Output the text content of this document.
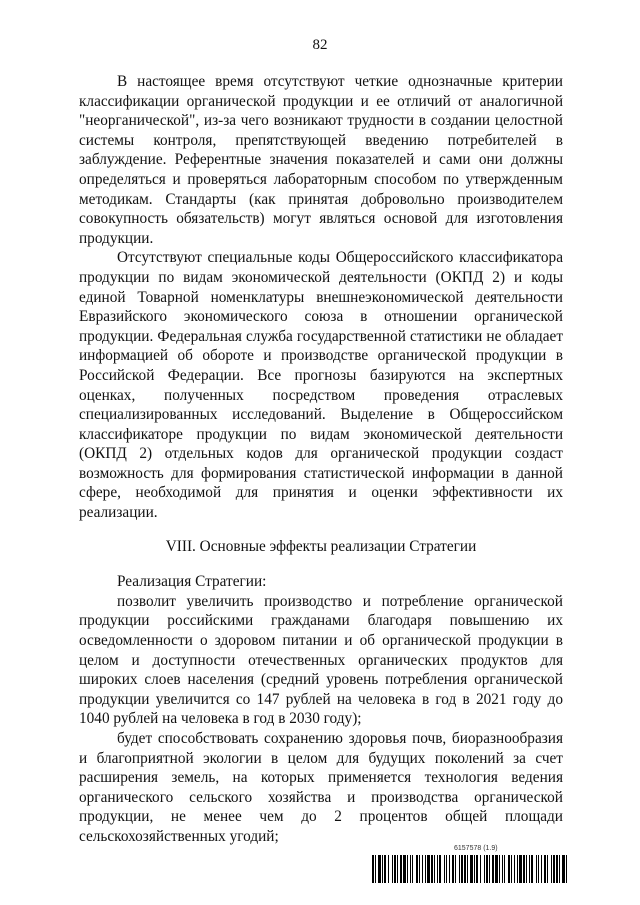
82

В настоящее время отсутствуют четкие однозначные критерии классификации органической продукции и ее отличий от аналогичной "неорганической", из-за чего возникают трудности в создании целостной системы контроля, препятствующей введению потребителей в заблуждение. Референтные значения показателей и сами они должны определяться и проверяться лабораторным способом по утвержденным методикам. Стандарты (как принятая добровольно производителем совокупность обязательств) могут являться основой для изготовления продукции.

Отсутствуют специальные коды Общероссийского классификатора продукции по видам экономической деятельности (ОКПД 2) и коды единой Товарной номенклатуры внешнеэкономической деятельности Евразийского экономического союза в отношении органической продукции. Федеральная служба государственной статистики не обладает информацией об обороте и производстве органической продукции в Российской Федерации. Все прогнозы базируются на экспертных оценках, полученных посредством проведения отраслевых специализированных исследований. Выделение в Общероссийском классификаторе продукции по видам экономической деятельности (ОКПД 2) отдельных кодов для органической продукции создаст возможность для формирования статистической информации в данной сфере, необходимой для принятия и оценки эффективности их реализации.

VIII. Основные эффекты реализации Стратегии

Реализация Стратегии:

позволит увеличить производство и потребление органической продукции российскими гражданами благодаря повышению их осведомленности о здоровом питании и об органической продукции в целом и доступности отечественных органических продуктов для широких слоев населения (средний уровень потребления органической продукции увеличится со 147 рублей на человека в год в 2021 году до 1040 рублей на человека в год в 2030 году);

будет способствовать сохранению здоровья почв, биоразнообразия и благоприятной экологии в целом для будущих поколений за счет расширения земель, на которых применяется технология ведения органического сельского хозяйства и производства органической продукции, не менее чем до 2 процентов общей площади сельскохозяйственных угодий;

6157578 (1.9)
